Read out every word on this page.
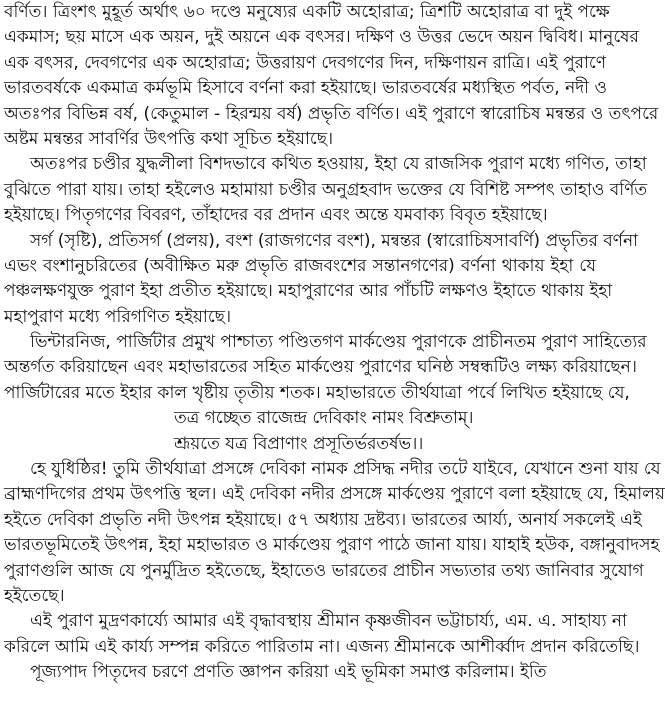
বর্ণিত। ত্রিংশৎ মুহূর্ত অর্থাৎ ৬০ দণ্ডে মনুষ্যের একটি অহোরাত্র; ত্রিশটি অহোরাত্র বা দুই পক্ষে
একমাস; ছয় মাসে এক অয়ন, দুই অয়নে এক বৎসর। দক্ষিণ ও উত্তর ভেদে অয়ন দ্বিবিধ। মানুষের
এক বৎসর, দেবগণের এক অহোরাত্র; উত্তরায়ণ দেবগণের দিন, দক্ষিণায়ন রাত্রি। এই পুরাণে
ভারতবর্ষকে একমাত্র কর্মভূমি হিসাবে বর্ণনা করা হইয়াছে। ভারতবর্ষের মধ্যস্থিত পর্বত, নদী ও
অতঃপর বিভিন্ন বর্ষ, (কেতুমাল - হিরন্ময় বর্ষ) প্রভৃতি বর্ণিত। এই পুরাণে স্বারোচিষ মন্বন্তর ও তৎপরে
অষ্টম মন্বন্তর সাবর্ণির উৎপত্তি কথা সূচিত হইয়াছে।
অতঃপর চণ্ডীর যুদ্ধলীলা বিশদভাবে কথিত হওয়ায়, ইহা যে রাজসিক পুরাণ মধ্যে গণিত, তাহা
বুঝিতে পারা যায়। তাহা হইলেও মহামায়া চণ্ডীর অনুগ্রহবাদ ভক্তের যে বিশিষ্ট সম্পৎ তাহাও বর্ণিত
হইয়াছে। পিতৃগণের বিবরণ, তাঁহাদের বর প্রদান এবং অন্তে যমবাক্য বিবৃত হইয়াছে।
সর্গ (সৃষ্টি), প্রতিসর্গ (প্রলয়), বংশ (রাজগণের বংশ), মন্বন্তর (স্বারোচিষসাবর্ণি) প্রভৃতির বর্ণনা
এভং বংশানুচরিতের (অবীক্ষিত মরু প্রভৃতি রাজবংশের সন্তানগণের) বর্ণনা থাকায় ইহা যে
পঞ্চলক্ষণযুক্ত পুরাণ ইহা প্রতীত হইয়াছে। মহাপুরাণের আর পাঁচটি লক্ষণও ইহাতে থাকায় ইহা
মহাপুরাণ মধ্যে পরিগণিত হইয়াছে।
ভিন্টারনিজ, পার্জিটার প্রমুখ পাশ্চাত্য পণ্ডিতগণ মার্কণ্ডেয় পুরাণকে প্রাচীনতম পুরাণ সাহিত্যের
অন্তর্গত করিয়াছেন এবং মহাভারতের সহিত মার্কণ্ডেয় পুরাণের ঘনিষ্ঠ সম্বন্ধটিও লক্ষ্য করিয়াছেন।
পার্জিটারের মতে ইহার কাল খৃষ্টীয় তৃতীয় শতক। মহাভারতে তীর্থযাত্রা পর্বে লিখিত হইয়াছে যে,
তত্র গচ্ছেত রাজেন্দ্র দেবিকাং নামং বিশ্রুতাম্।
শ্রূয়তে যত্র বিপ্রাণাং প্রসূতির্ভরতর্ষভ।।
হে যুধিষ্ঠির! তুমি তীর্থযাত্রা প্রসঙ্গে দেবিকা নামক প্রসিদ্ধ নদীর তটে যাইবে, যেখানে শুনা যায় যে
ব্রাহ্মণদিগের প্রথম উৎপত্তি স্থল। এই দেবিকা নদীর প্রসঙ্গে মার্কণ্ডেয় পুরাণে বলা হইয়াছে যে, হিমালয়
হইতে দেবিকা প্রভৃতি নদী উৎপন্ন হইয়াছে। ৫৭ অধ্যায় দ্রষ্টব্য। ভারতের আর্য্য, অনার্য সকলেই এই
ভারতভূমিতেই উৎপন্ন, ইহা মহাভারত ও মার্কণ্ডেয় পুরাণ পাঠে জানা যায়। যাহাই হউক, বঙ্গানুবাদসহ
পুরাণগুলি আজ যে পুনর্মুদ্রিত হইতেছে, ইহাতেও ভারতের প্রাচীন সভ্যতার তথ্য জানিবার সুযোগ
হইতেছে।
এই পুরাণ মুদ্রণকার্য্যে আমার এই বৃদ্ধাবস্থায় শ্রীমান কৃষ্ণজীবন ভট্টাচার্য্য, এম. এ. সাহায্য না
করিলে আমি এই কার্য্য সম্পন্ন করিতে পারিতাম না। এজন্য শ্রীমানকে আশীর্ব্বাদ প্রদান করিতেছি।
পূজ্যপাদ পিতৃদেব চরণে প্রণতি জ্ঞাপন করিয়া এই ভূমিকা সমাপ্ত করিলাম। ইতি
